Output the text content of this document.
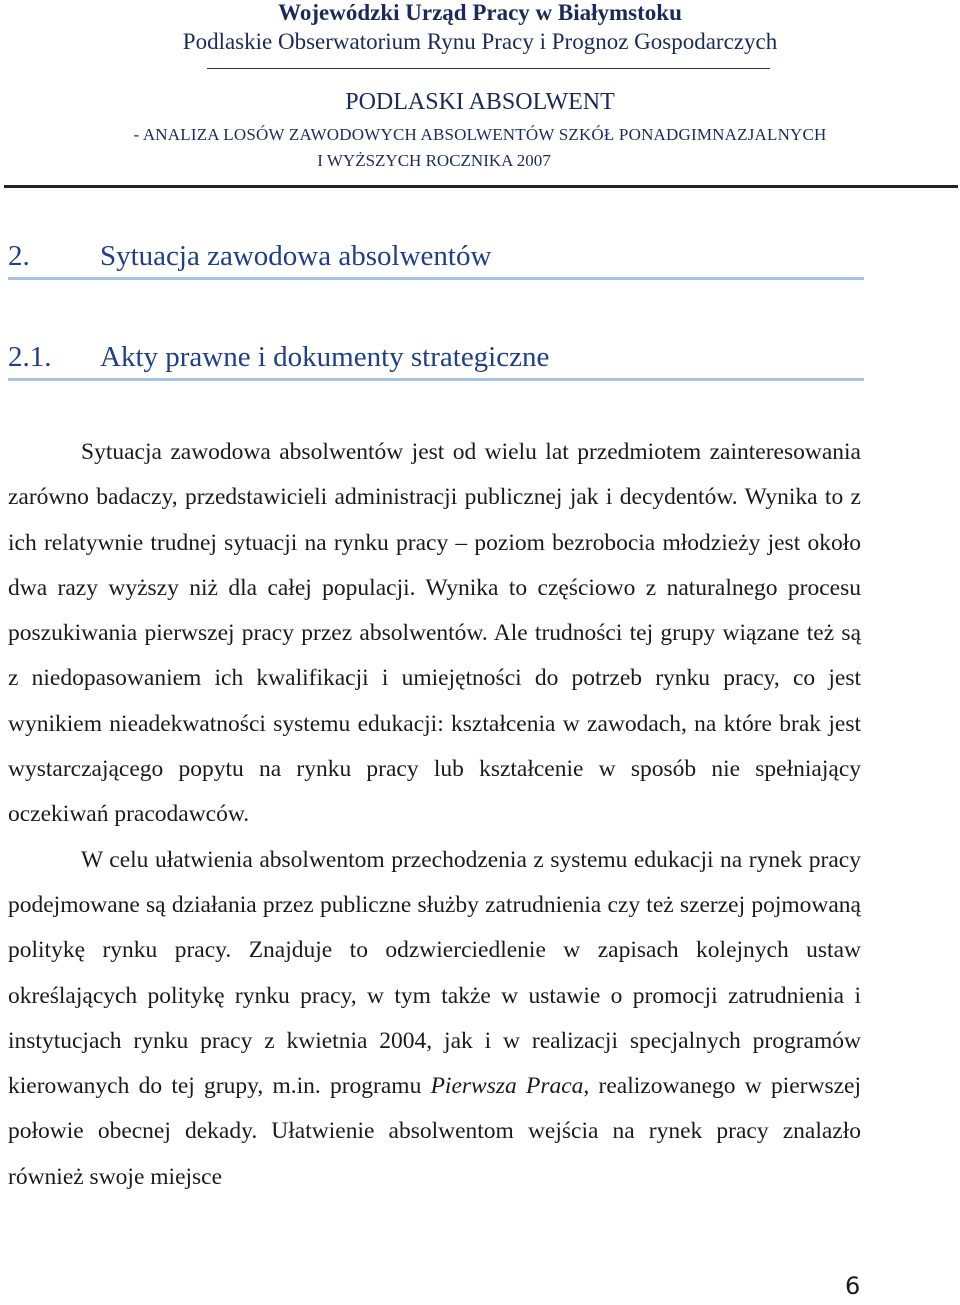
Wojewódzki Urząd Pracy w Białymstoku
Podlaskie Obserwatorium Rynu Pracy i Prognoz Gospodarczych
PODLASKI ABSOLWENT
- ANALIZA LOSÓW ZAWODOWYCH ABSOLWENTÓW SZKÓŁ PONADGIMNAZJALNYCH
I WYŻSZYCH ROCZNIKA 2007
2. Sytuacja zawodowa absolwentów
2.1. Akty prawne i dokumenty strategiczne

Sytuacja zawodowa absolwentów jest od wielu lat przedmiotem zainteresowania zarówno badaczy, przedstawicieli administracji publicznej jak i decydentów. Wynika to z ich relatywnie trudnej sytuacji na rynku pracy – poziom bezrobocia młodzieży jest około dwa razy wyższy niż dla całej populacji. Wynika to częściowo z naturalnego procesu poszukiwania pierwszej pracy przez absolwentów. Ale trudności tej grupy wiązane też są z niedopasowaniem ich kwalifikacji i umiejętności do potrzeb rynku pracy, co jest wynikiem nieadekwatności systemu edukacji: kształcenia w zawodach, na które brak jest wystarczającego popytu na rynku pracy lub kształcenie w sposób nie spełniający oczekiwań pracodawców.

W celu ułatwienia absolwentom przechodzenia z systemu edukacji na rynek pracy podejmowane są działania przez publiczne służby zatrudnienia czy też szerzej pojmowaną politykę rynku pracy. Znajduje to odzwierciedlenie w zapisach kolejnych ustaw określających politykę rynku pracy, w tym także w ustawie o promocji zatrudnienia i instytucjach rynku pracy z kwietnia 2004, jak i w realizacji specjalnych programów kierowanych do tej grupy, m.in. programu Pierwsza Praca, realizowanego w pierwszej połowie obecnej dekady. Ułatwienie absolwentom wejścia na rynek pracy znalazło również swoje miejsce

6
